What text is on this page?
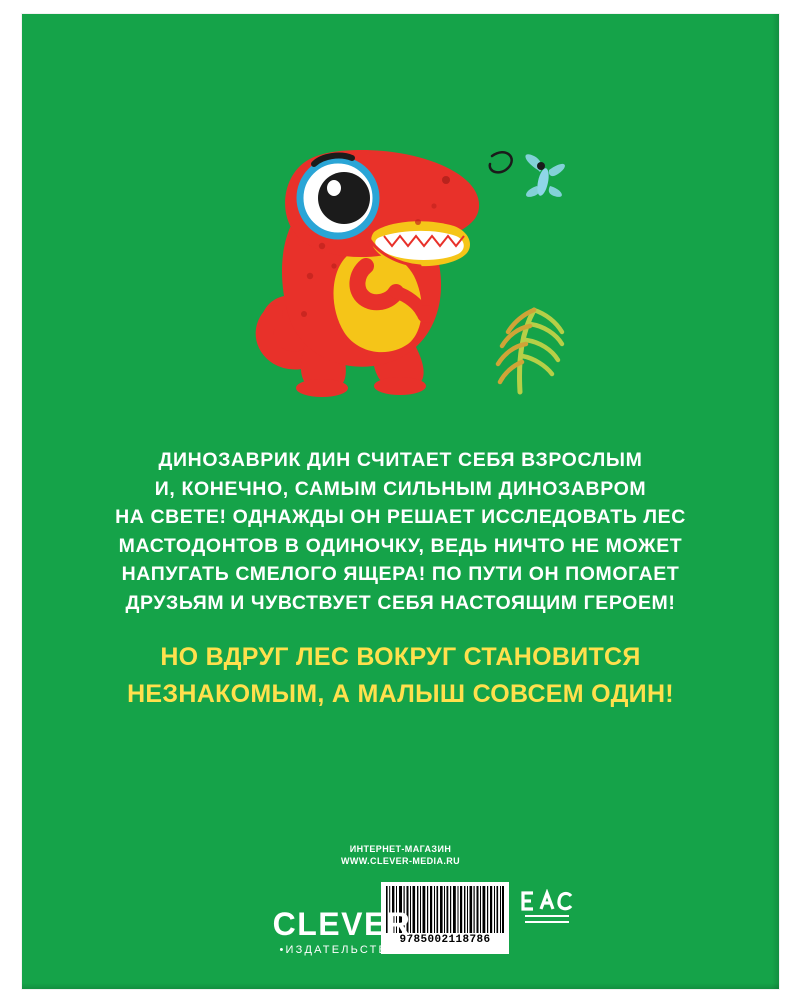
ДИНОЗАВРИК ДИН СЧИТАЕТ СЕБЯ ВЗРОСЛЫМ
И, КОНЕЧНО, САМЫМ СИЛЬНЫМ ДИНОЗАВРОМ
НА СВЕТЕ! ОДНАЖДЫ ОН РЕШАЕТ ИССЛЕДОВАТЬ ЛЕС
МАСТОДОНТОВ В ОДИНОЧКУ, ВЕДЬ НИЧТО НЕ МОЖЕТ
НАПУГАТЬ СМЕЛОГО ЯЩЕРА! ПО ПУТИ ОН ПОМОГАЕТ
ДРУЗЬЯМ И ЧУВСТВУЕТ СЕБЯ НАСТОЯЩИМ ГЕРОЕМ!
НО ВДРУГ ЛЕС ВОКРУГ СТАНОВИТСЯ
НЕЗНАКОМЫМ, А МАЛЫШ СОВСЕМ ОДИН!
ИНТЕРНЕТ-МАГАЗИН
WWW.CLEVER-MEDIA.RU
9785002118786
CLEVER
•ИЗДАТЕЛЬСТВО•
